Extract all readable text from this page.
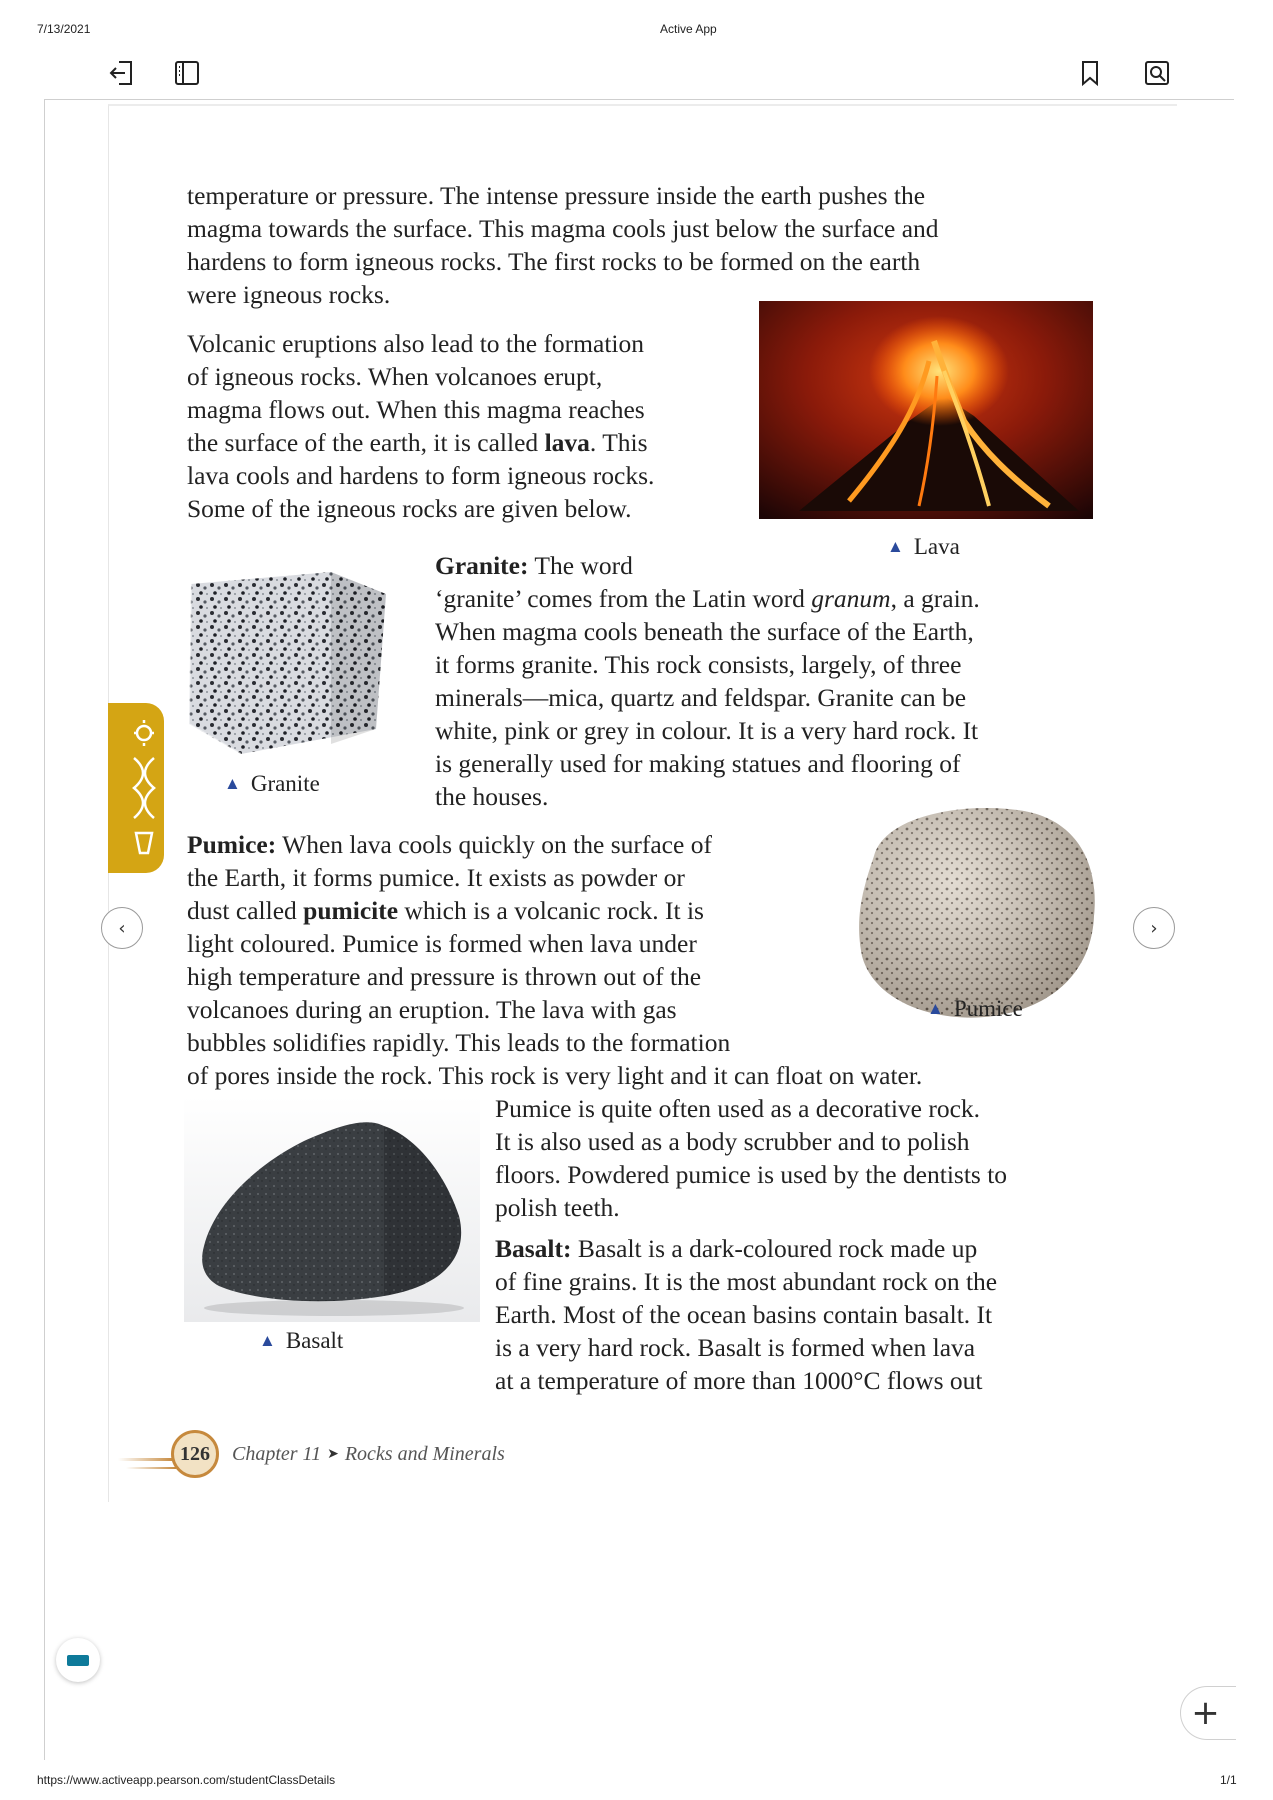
7/13/2021	Active App
https://www.activeapp.pearson.com/studentClassDetails	1/1
temperature or pressure. The intense pressure inside the earth pushes the
magma towards the surface. This magma cools just below the surface and
hardens to form igneous rocks. The first rocks to be formed on the earth
were igneous rocks.
Volcanic eruptions also lead to the formation
of igneous rocks. When volcanoes erupt,
magma flows out. When this magma reaches
the surface of the earth, it is called lava. This
lava cools and hardens to form igneous rocks.
Some of the igneous rocks are given below.
▲ Lava
▲ Granite
Granite: The word
‘granite’ comes from the Latin word granum, a grain.
When magma cools beneath the surface of the Earth,
it forms granite. This rock consists, largely, of three
minerals—mica, quartz and feldspar. Granite can be
white, pink or grey in colour. It is a very hard rock. It
is generally used for making statues and flooring of
the houses.
Pumice: When lava cools quickly on the surface of
the Earth, it forms pumice. It exists as powder or
dust called pumicite which is a volcanic rock. It is
light coloured. Pumice is formed when lava under
high temperature and pressure is thrown out of the
volcanoes during an eruption. The lava with gas
bubbles solidifies rapidly. This leads to the formation
of pores inside the rock. This rock is very light and it can float on water.
Pumice is quite often used as a decorative rock.
It is also used as a body scrubber and to polish
floors. Powdered pumice is used by the dentists to
polish teeth.
▲ Pumice
▲ Basalt
Basalt: Basalt is a dark-coloured rock made up
of fine grains. It is the most abundant rock on the
Earth. Most of the ocean basins contain basalt. It
is a very hard rock. Basalt is formed when lava
at a temperature of more than 1000°C flows out
126	Chapter 11 ➤ Rocks and Minerals
‹	›
+
